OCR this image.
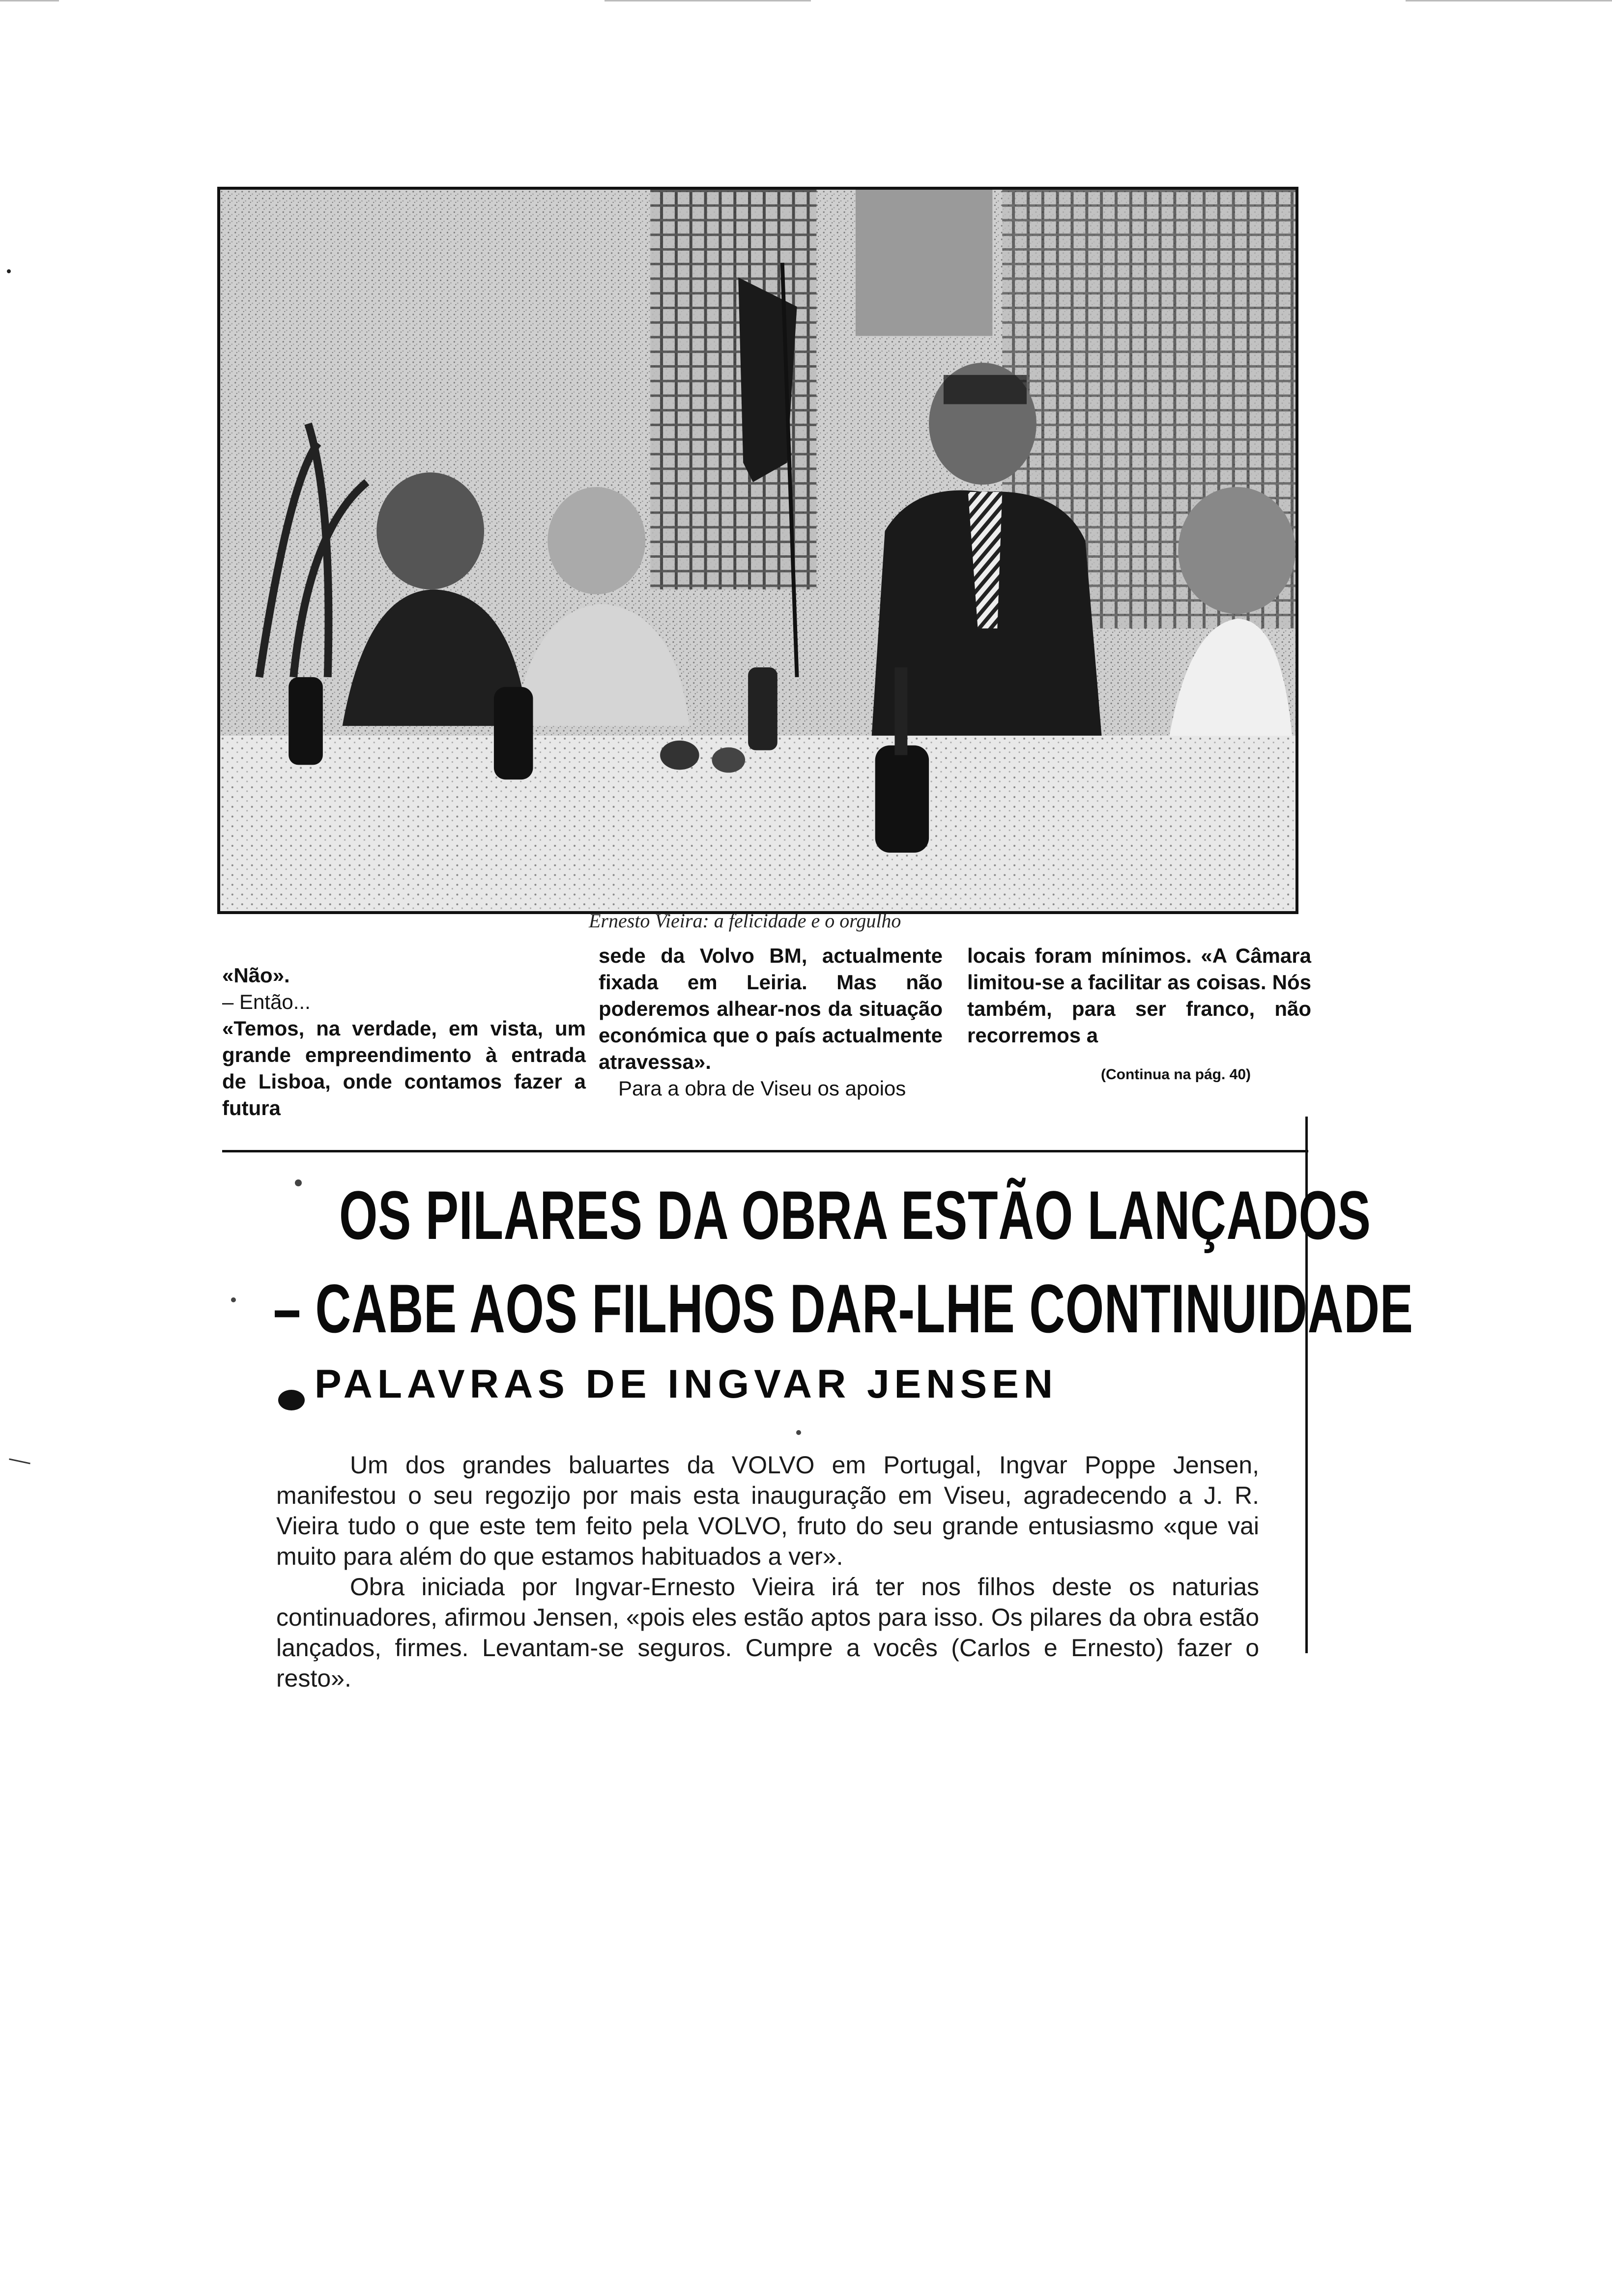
Ernesto Vieira: a felicidade e o orgulho

«Não».

– Então...

«Temos, na verdade, em vista, um grande empreendimento à entrada de Lisboa, onde contamos fazer a futura

sede da Volvo BM, actualmente fixada em Leiria. Mas não poderemos alhear-nos da situação económica que o país actualmente atravessa».

Para a obra de Viseu os apoios

locais foram mínimos. «A Câmara limitou-se a facilitar as coisas. Nós também, para ser franco, não recorremos a

(Continua na pág. 40)
OS PILARES DA OBRA ESTÃO LANÇADOS
– CABE AOS FILHOS DAR-LHE CONTINUIDADE
PALAVRAS DE INGVAR JENSEN

Um dos grandes baluartes da VOLVO em Portugal, Ingvar Poppe Jensen, manifestou o seu regozijo por mais esta inauguração em Viseu, agradecendo a J. R. Vieira tudo o que este tem feito pela VOLVO, fruto do seu grande entusiasmo «que vai muito para além do que estamos habituados a ver».

Obra iniciada por Ingvar-Ernesto Vieira irá ter nos filhos deste os naturias continuadores, afirmou Jensen, «pois eles estão aptos para isso. Os pilares da obra estão lançados, firmes. Levantam-se seguros. Cumpre a vocês (Carlos e Ernesto) fazer o resto».
